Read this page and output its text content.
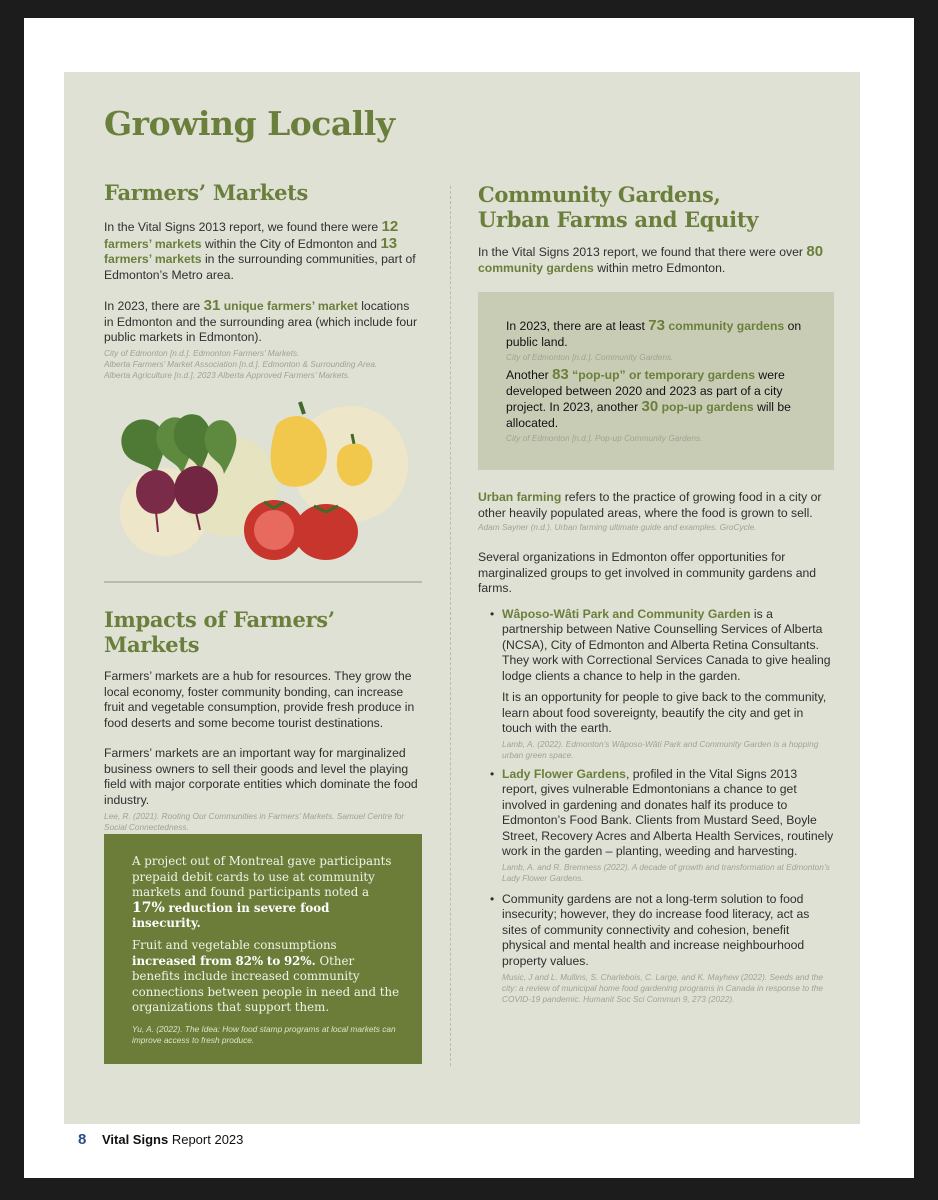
Growing Locally
Farmers’ Markets

In the Vital Signs 2013 report, we found there were 12 farmers’ markets within the City of Edmonton and 13 farmers’ markets in the surrounding communities, part of Edmonton’s Metro area.

In 2023, there are 31 unique farmers’ market locations in Edmonton and the surrounding area (which include four public markets in Edmonton).

City of Edmonton [n.d.]. Edmonton Farmers’ Markets.

Alberta Farmers’ Market Association [n.d.]. Edmonton & Surrounding Area.

Alberta Agriculture [n.d.]. 2023 Alberta Approved Farmers’ Markets.

Impacts of Farmers’ Markets

Farmers’ markets are a hub for resources. They grow the local economy, foster community bonding, can increase fruit and vegetable consumption, provide fresh produce in food deserts and some become tourist destinations.

Farmers’ markets are an important way for marginalized business owners to sell their goods and level the playing field with major corporate entities which dominate the food industry.

Lee, R. (2021). Rooting Our Communities in Farmers’ Markets. Samuel Centre for Social Connectedness.

A project out of Montreal gave participants prepaid debit cards to use at community markets and found participants noted a 17% reduction in severe food insecurity.

Fruit and vegetable consumptions increased from 82% to 92%. Other benefits include increased community connections between people in need and the organizations that support them.

Yu, A. (2022). The Idea: How food stamp programs at local markets can improve access to fresh produce.

Community Gardens,
Urban Farms and Equity

In the Vital Signs 2013 report, we found that there were over 80 community gardens within metro Edmonton.

In 2023, there are at least 73 community gardens on public land.

City of Edmonton [n.d.]. Community Gardens.

Another 83 “pop-up” or temporary gardens were developed between 2020 and 2023 as part of a city project. In 2023, another 30 pop-up gardens will be allocated.

City of Edmonton [n.d.]. Pop-up Community Gardens.

Urban farming refers to the practice of growing food in a city or other heavily populated areas, where the food is grown to sell.

Adam Sayner (n.d.). Urban farming ultimate guide and examples. GroCycle.

Several organizations in Edmonton offer opportunities for marginalized groups to get involved in community gardens and farms.

• Wâposo-Wâti Park and Community Garden is a partnership between Native Counselling Services of Alberta (NCSA), City of Edmonton and Alberta Retina Consultants. They work with Correctional Services Canada to give healing lodge clients a chance to help in the garden.

It is an opportunity for people to give back to the community, learn about food sovereignty, beautify the city and get in touch with the earth.

Lamb, A. (2022). Edmonton’s Wâposo-Wâti Park and Community Garden is a hopping urban green space.

• Lady Flower Gardens, profiled in the Vital Signs 2013 report, gives vulnerable Edmontonians a chance to get involved in gardening and donates half its produce to Edmonton’s Food Bank. Clients from Mustard Seed, Boyle Street, Recovery Acres and Alberta Health Services, routinely work in the garden – planting, weeding and harvesting.

Lamb, A. and R. Bremness (2022). A decade of growth and transformation at Edmonton’s Lady Flower Gardens.

• Community gardens are not a long-term solution to food insecurity; however, they do increase food literacy, act as sites of community connectivity and cohesion, benefit physical and mental health and increase neighbourhood property values.

Music, J and L. Mullins, S. Charlebois, C. Large, and K. Mayhew (2022). Seeds and the city: a review of municipal home food gardening programs in Canada in response to the COVID-19 pandemic. Humanit Soc Sci Commun 9, 273 (2022).

8 Vital Signs Report 2023
